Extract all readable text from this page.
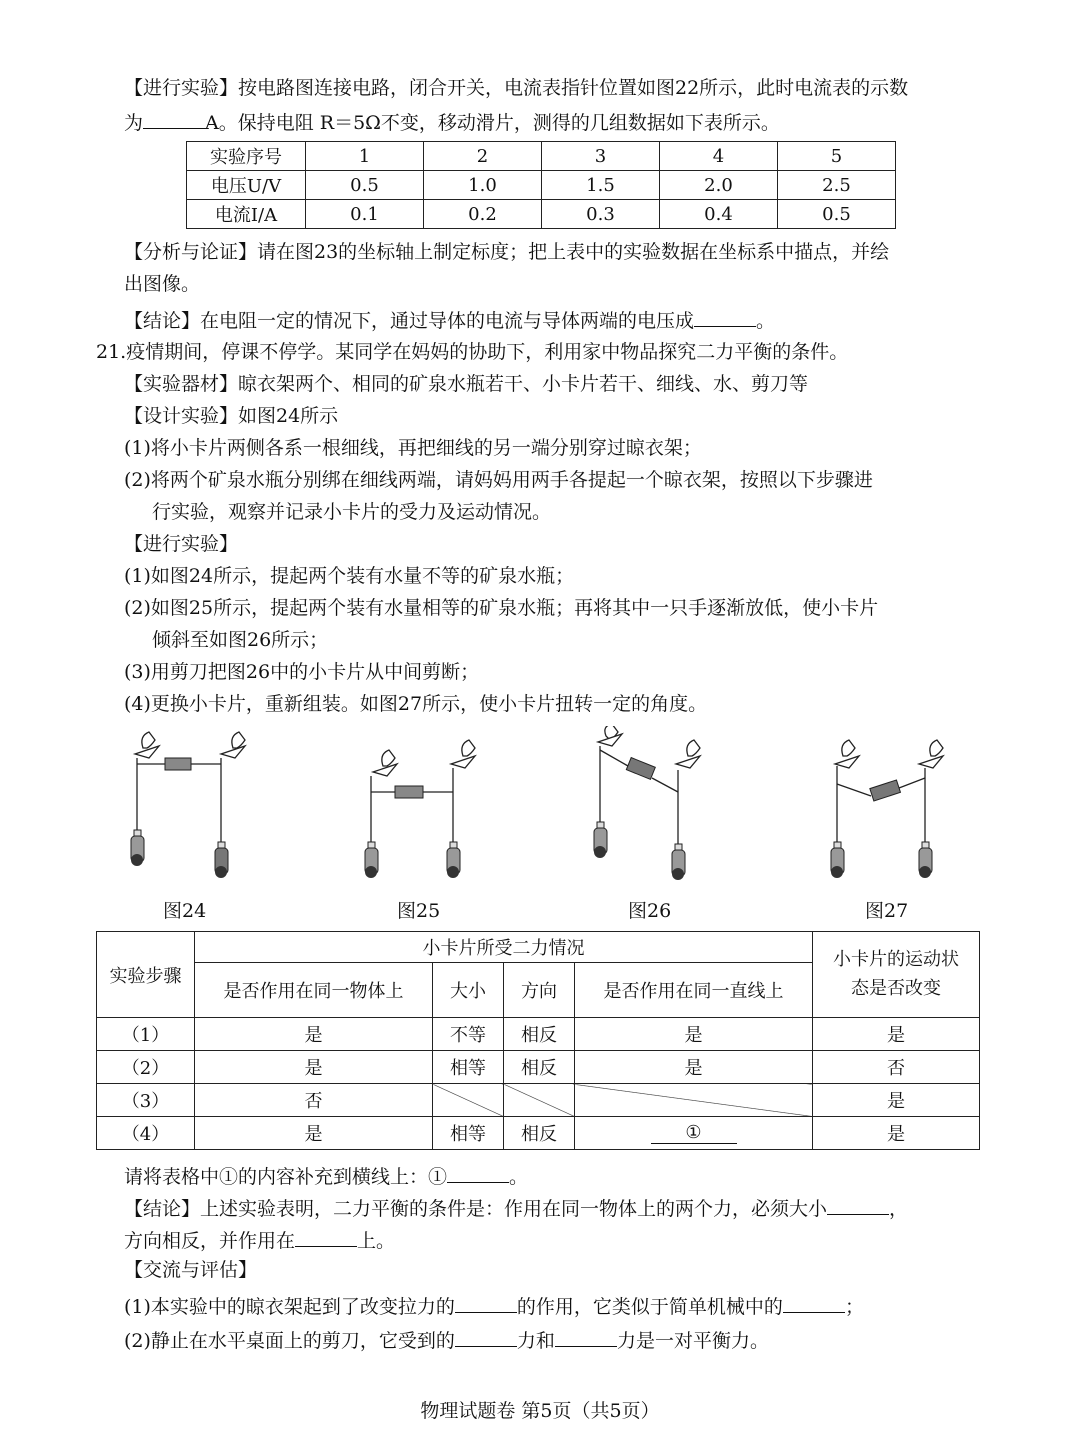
【进行实验】按电路图连接电路，闭合开关，电流表指针位置如图22所示，此时电流表的示数
为	A。保持电阻 R＝5Ω不变，移动滑片，测得的几组数据如下表所示。
实验序号	1	2	3	4	5
电压U/V	0.5	1.0	1.5	2.0	2.5
电流I/A	0.1	0.2	0.3	0.4	0.5
【分析与论证】请在图23的坐标轴上制定标度；把上表中的实验数据在坐标系中描点，并绘
出图像。
【结论】在电阻一定的情况下，通过导体的电流与导体两端的电压成	。
21.疫情期间，停课不停学。某同学在妈妈的协助下，利用家中物品探究二力平衡的条件。
【实验器材】晾衣架两个、相同的矿泉水瓶若干、小卡片若干、细线、水、剪刀等
【设计实验】如图24所示
(1)将小卡片两侧各系一根细线，再把细线的另一端分别穿过晾衣架；
(2)将两个矿泉水瓶分别绑在细线两端，请妈妈用两手各提起一个晾衣架，按照以下步骤进
行实验，观察并记录小卡片的受力及运动情况。
【进行实验】
(1)如图24所示，提起两个装有水量不等的矿泉水瓶；
(2)如图25所示，提起两个装有水量相等的矿泉水瓶；再将其中一只手逐渐放低，使小卡片
倾斜至如图26所示；
(3)用剪刀把图26中的小卡片从中间剪断；
(4)更换小卡片，重新组装。如图27所示，使小卡片扭转一定的角度。
图24	图25	图26	图27
实验步骤	小卡片所受二力情况				小卡片的运动状
态是否改变
	是否作用在同一物体上	大小	方向	是否作用在同一直线上	
（1）	是	不等	相反	是	是
（2）	是	相等	相反	是	否
（3）	否				是
（4）	是	相等	相反	①	是
请将表格中①的内容补充到横线上：①	。
【结论】上述实验表明，二力平衡的条件是：作用在同一物体上的两个力，必须大小	，
方向相反，并作用在	上。
【交流与评估】
(1)本实验中的晾衣架起到了改变拉力的	的作用，它类似于简单机械中的	；
(2)静止在水平桌面上的剪刀，它受到的	力和	力是一对平衡力。
物理试题卷 第5页（共5页）
